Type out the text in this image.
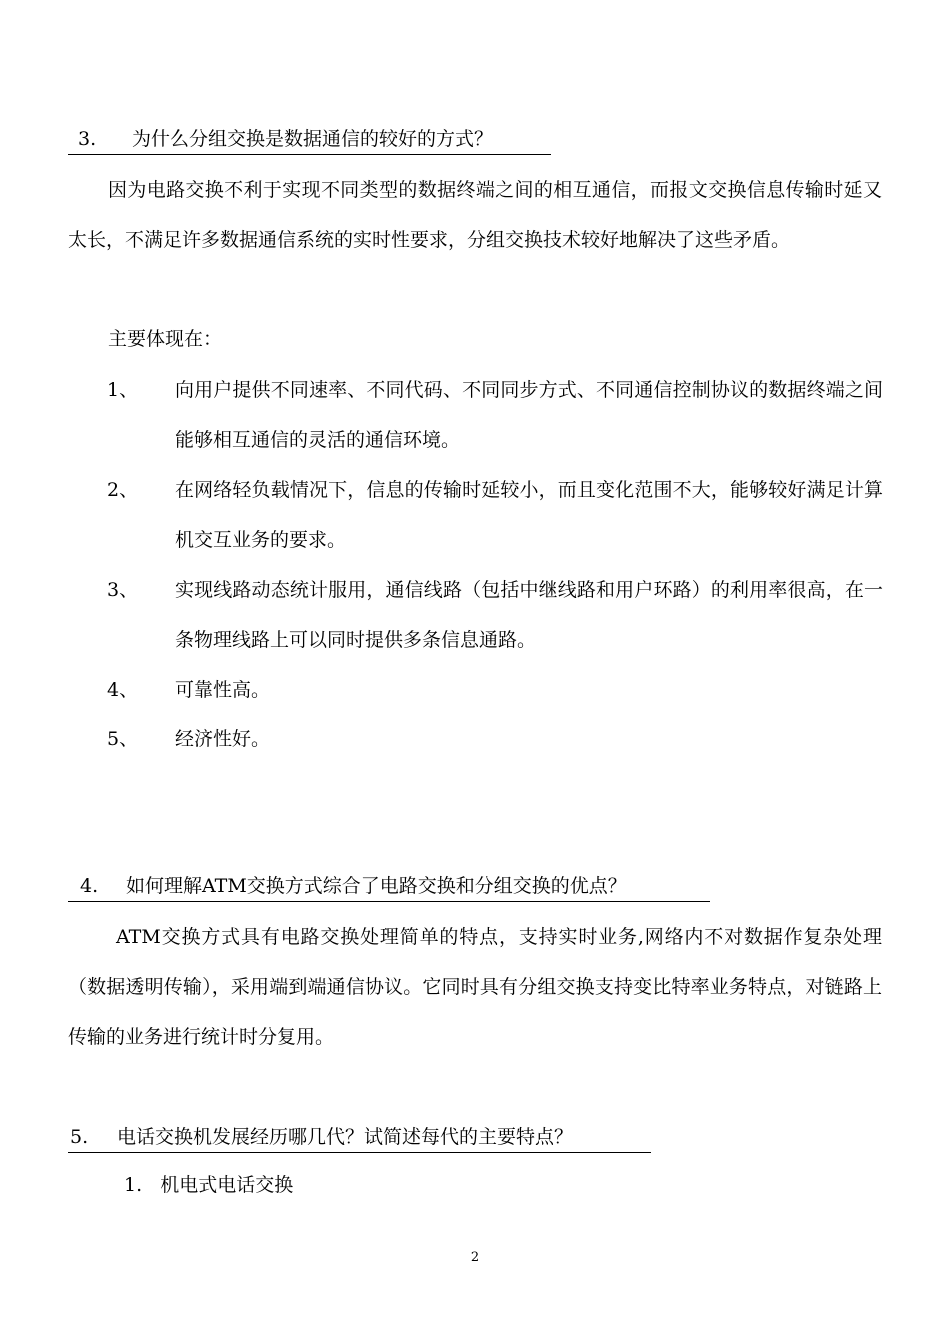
3. 为什么分组交换是数据通信的较好的方式？
因为电路交换不利于实现不同类型的数据终端之间的相互通信，而报文交换信息传输时延又太长，不满足许多数据通信系统的实时性要求，分组交换技术较好地解决了这些矛盾。
主要体现在：
1、 向用户提供不同速率、不同代码、不同同步方式、不同通信控制协议的数据终端之间能够相互通信的灵活的通信环境。
2、 在网络轻负载情况下，信息的传输时延较小，而且变化范围不大，能够较好满足计算机交互业务的要求。
3、 实现线路动态统计服用，通信线路（包括中继线路和用户环路）的利用率很高，在一条物理线路上可以同时提供多条信息通路。
4、 可靠性高。
5、 经济性好。
4. 如何理解ATM交换方式综合了电路交换和分组交换的优点？
ATM交换方式具有电路交换处理简单的特点，支持实时业务,网络内不对数据作复杂处理（数据透明传输），采用端到端通信协议。它同时具有分组交换支持变比特率业务特点，对链路上传输的业务进行统计时分复用。
5. 电话交换机发展经历哪几代？试简述每代的主要特点？
1.   机电式电话交换
2
